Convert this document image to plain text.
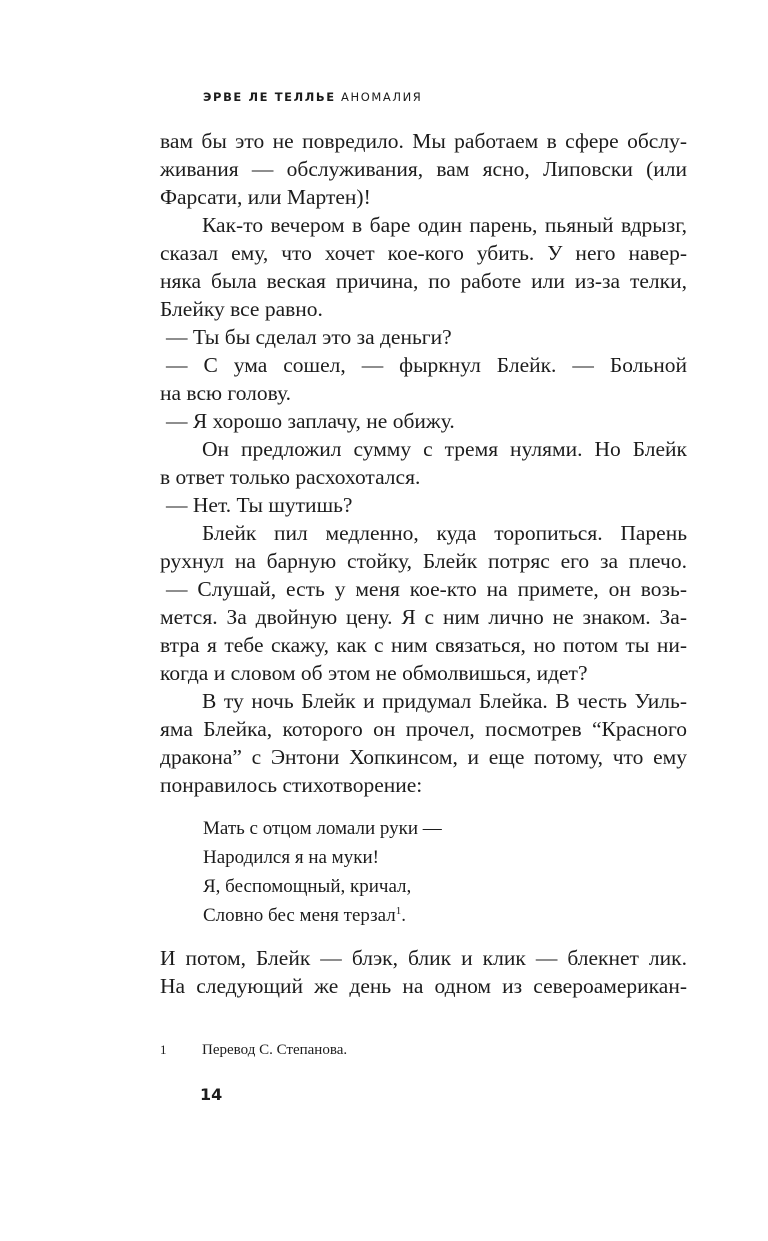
ЭРВЕ ЛЕ ТЕЛЛЬЕ АНОМАЛИЯ
вам бы это не повредило. Мы работаем в сфере обслу-
живания — обслуживания, вам ясно, Липовски (или
Фарсати, или Мартен)!
Как-то вечером в баре один парень, пьяный вдрызг,
сказал ему, что хочет кое-кого убить. У него навер-
няка была веская причина, по работе или из-за телки,
Блейку все равно.
— Ты бы сделал это за деньги?
— С ума сошел, — фыркнул Блейк. — Больной
на всю голову.
— Я хорошо заплачу, не обижу.
Он предложил сумму с тремя нулями. Но Блейк
в ответ только расхохотался.
— Нет. Ты шутишь?
Блейк пил медленно, куда торопиться. Парень
рухнул на барную стойку, Блейк потряс его за плечо.
— Слушай, есть у меня кое-кто на примете, он возь-
мется. За двойную цену. Я с ним лично не знаком. За-
втра я тебе скажу, как с ним связаться, но потом ты ни-
когда и словом об этом не обмолвишься, идет?
В ту ночь Блейк и придумал Блейка. В честь Уиль-
яма Блейка, которого он прочел, посмотрев “Красного
дракона” с Энтони Хопкинсом, и еще потому, что ему
понравилось стихотворение:
Мать с отцом ломали руки —
Народился я на муки!
Я, беспомощный, кричал,
Словно бес меня терзал$^1$.
И потом, Блейк — блэк, блик и клик — блекнет лик.
На следующий же день на одном из североамерикан-
1 Перевод С. Степанова.
14
